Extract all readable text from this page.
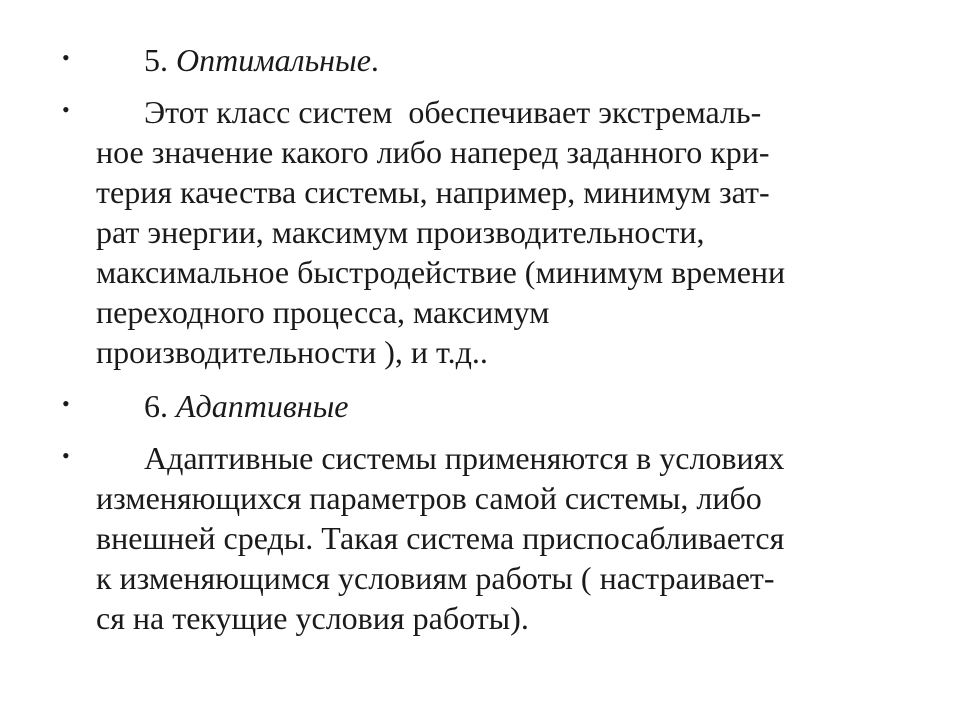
•	5. Оптимальные.
•	Этот класс систем  обеспечивает экстремаль-
ное значение какого либо наперед заданного кри-
терия качества системы, например, минимум зат-
рат энергии, максимум производительности,
максимальное быстродействие (минимум времени
переходного процесса, максимум
производительности ), и т.д..
•	6. Адаптивные
•	Адаптивные системы применяются в условиях
изменяющихся параметров самой системы, либо
внешней среды. Такая система приспосабливается
к изменяющимся условиям работы ( настраивает-
ся на текущие условия работы).
